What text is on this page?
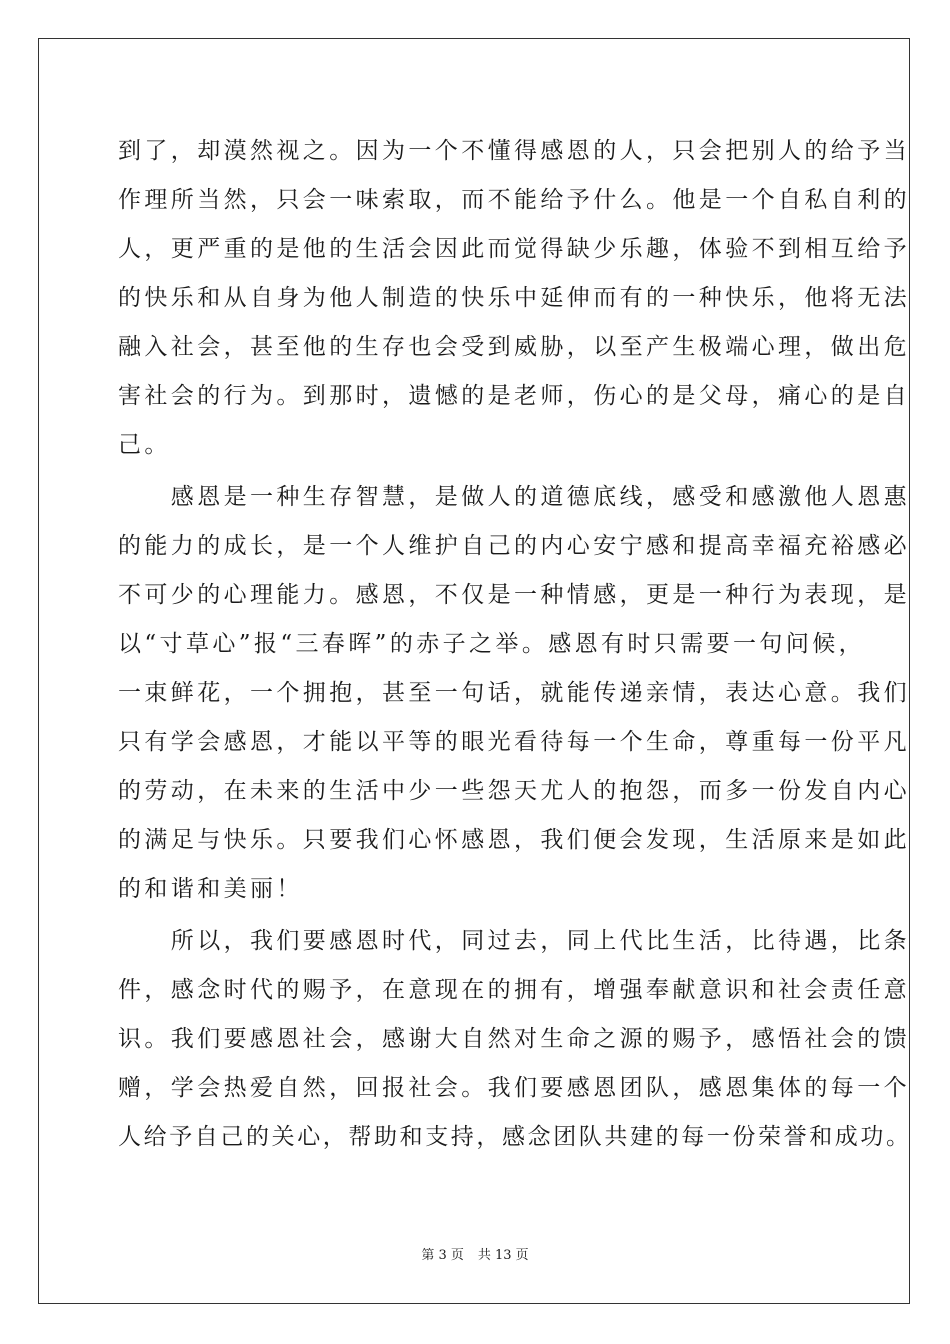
到了，却漠然视之。因为一个不懂得感恩的人，只会把别人的给予当
作理所当然，只会一味索取，而不能给予什么。他是一个自私自利的
人，更严重的是他的生活会因此而觉得缺少乐趣，体验不到相互给予
的快乐和从自身为他人制造的快乐中延伸而有的一种快乐，他将无法
融入社会，甚至他的生存也会受到威胁，以至产生极端心理，做出危
害社会的行为。到那时，遗憾的是老师，伤心的是父母，痛心的是自
己。
　　感恩是一种生存智慧，是做人的道德底线，感受和感激他人恩惠
的能力的成长，是一个人维护自己的内心安宁感和提高幸福充裕感必
不可少的心理能力。感恩，不仅是一种情感，更是一种行为表现，是
以“寸草心”报“三春晖”的赤子之举。感恩有时只需要一句问候，
一束鲜花，一个拥抱，甚至一句话，就能传递亲情，表达心意。我们
只有学会感恩，才能以平等的眼光看待每一个生命，尊重每一份平凡
的劳动，在未来的生活中少一些怨天尤人的抱怨，而多一份发自内心
的满足与快乐。只要我们心怀感恩，我们便会发现，生活原来是如此
的和谐和美丽！
　　所以，我们要感恩时代，同过去，同上代比生活，比待遇，比条
件，感念时代的赐予，在意现在的拥有，增强奉献意识和社会责任意
识。我们要感恩社会，感谢大自然对生命之源的赐予，感悟社会的馈
赠，学会热爱自然，回报社会。我们要感恩团队，感恩集体的每一个
人给予自己的关心，帮助和支持，感念团队共建的每一份荣誉和成功。
第 3 页 共 13 页
